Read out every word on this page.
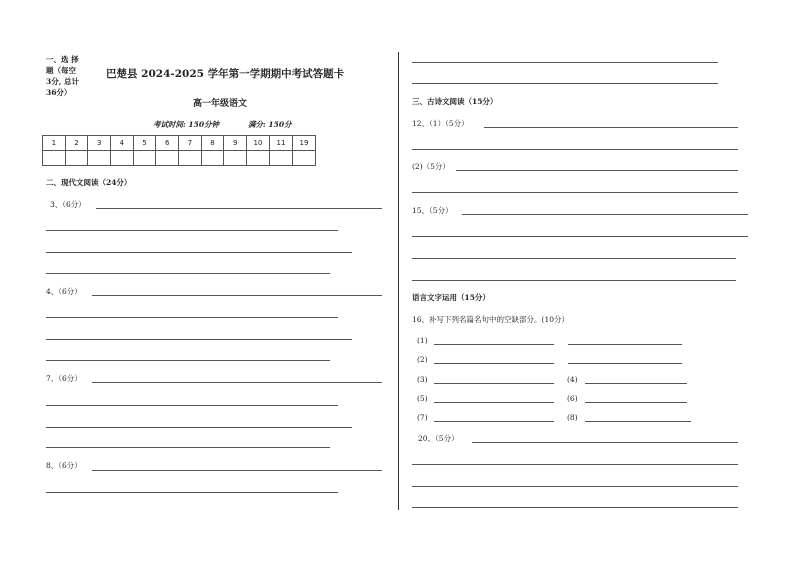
一、选 择
题（每空
3分, 总计
36分）
巴楚县 2024-2025 学年第一学期期中考试答题卡
高一年级语文
考试时间: 150分钟	满分: 150分
1	2	3	4	5	6	7	8	9	10	11	19

二、现代文阅读（24分）
3、（6分）
4、（6分）
7、（6分）
8、（6分）
三、古诗文阅读（15分）
12、（1）（5分）
(2)（5分）
15、（5分）
语言文字运用（15分）
16、补写下列名篇名句中的空缺部分。(10分）
(1)
(2)
(3)	(4)
(5)	(6)
(7)	(8)
20、（5分）
